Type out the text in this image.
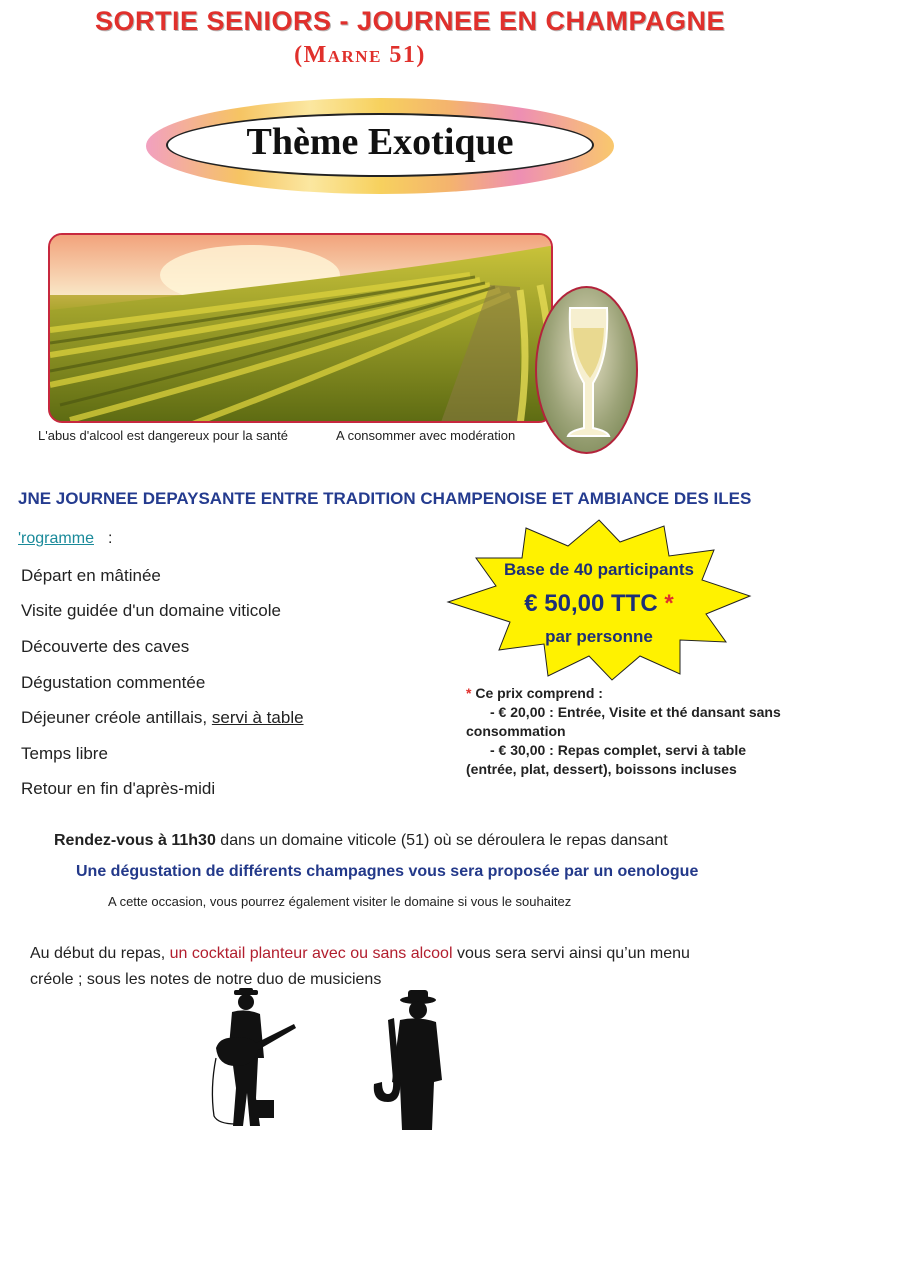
SORTIE SENIORS - JOURNEE EN CHAMPAGNE
(Marne 51)
Thème Exotique
L'abus d'alcool est dangereux pour la santé	A consommer avec modération
JNE JOURNEE DEPAYSANTE ENTRE TRADITION CHAMPENOISE ET AMBIANCE DES ILES
'rogramme :
Départ en mâtinée
Visite guidée d'un domaine viticole
Découverte des caves
Dégustation commentée
Déjeuner créole antillais, servi à table
Temps libre
Retour en fin d'après-midi
Base de 40 participants
€ 50,00 TTC *
par personne
* Ce prix comprend :
- € 20,00 : Entrée, Visite et thé dansant sans
consommation
- € 30,00 : Repas complet, servi à table
(entrée, plat, dessert), boissons incluses
Rendez-vous à 11h30 dans un domaine viticole (51) où se déroulera le repas dansant
Une dégustation de différents champagnes vous sera proposée par un oenologue
A cette occasion, vous pourrez également visiter le domaine si vous le souhaitez
Au début du repas, un cocktail planteur avec ou sans alcool vous sera servi ainsi qu’un menu créole ; sous les notes de notre duo de musiciens
